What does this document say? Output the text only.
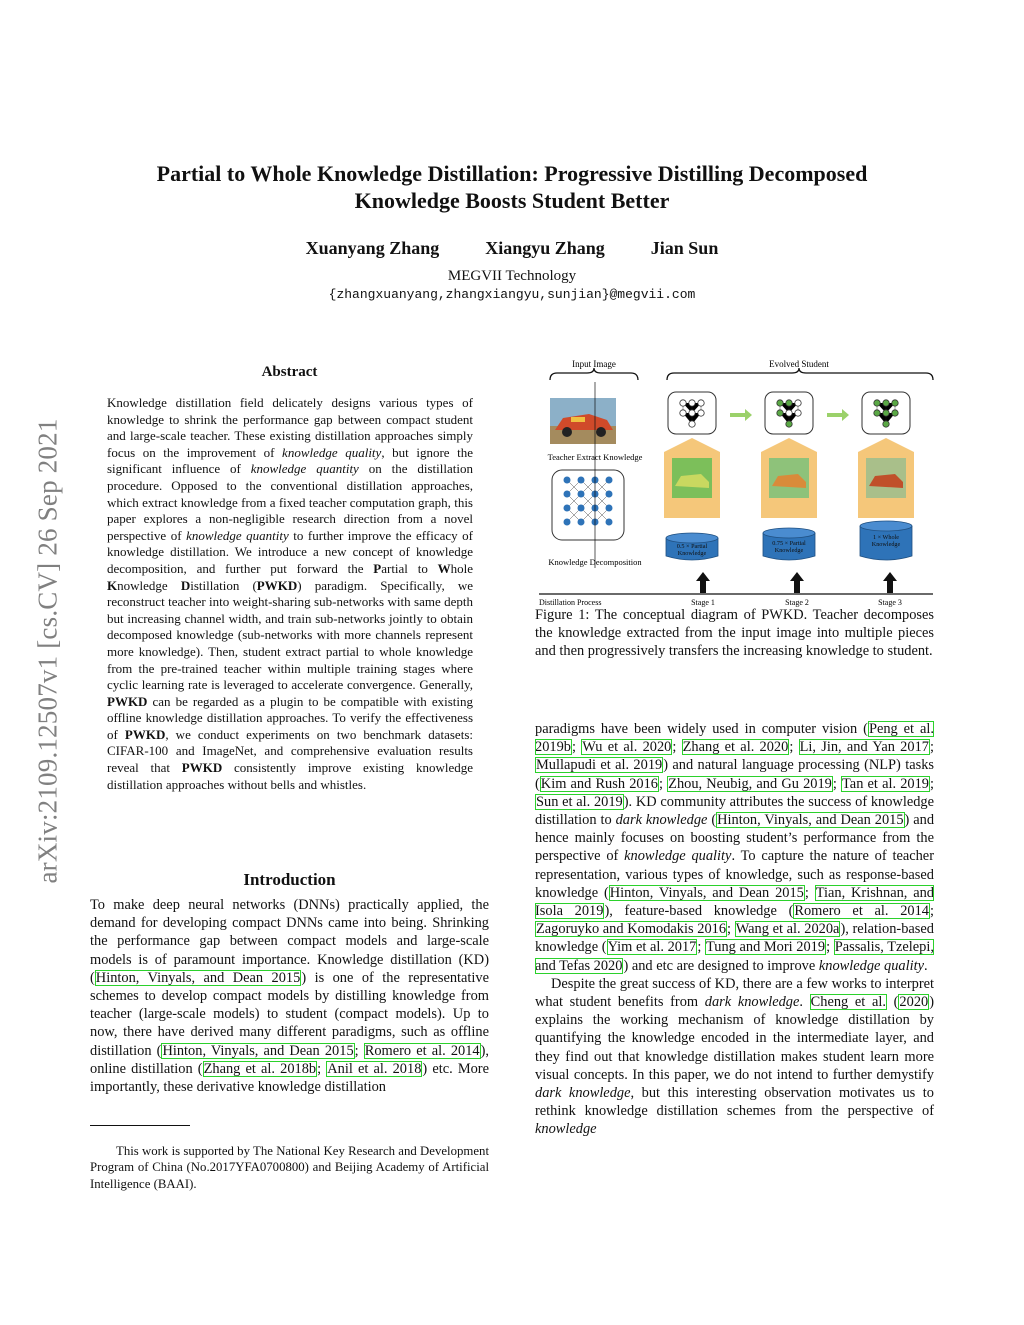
arXiv:2109.12507v1 [cs.CV] 26 Sep 2021
Partial to Whole Knowledge Distillation: Progressive Distilling Decomposed
Knowledge Boosts Student Better
Xuanyang Zhang	Xiangyu Zhang	Jian Sun
MEGVII Technology
{zhangxuanyang,zhangxiangyu,sunjian}@megvii.com
Abstract

Knowledge distillation field delicately designs various types of knowledge to shrink the performance gap between compact student and large-scale teacher. These existing distillation approaches simply focus on the improvement of knowledge quality, but ignore the significant influence of knowledge quantity on the distillation procedure. Opposed to the conventional distillation approaches, which extract knowledge from a fixed teacher computation graph, this paper explores a non-negligible research direction from a novel perspective of knowledge quantity to further improve the efficacy of knowledge distillation. We introduce a new concept of knowledge decomposition, and further put forward the Partial to Whole Knowledge Distillation (PWKD) paradigm. Specifically, we reconstruct teacher into weight-sharing sub-networks with same depth but increasing channel width, and train sub-networks jointly to obtain decomposed knowledge (sub-networks with more channels represent more knowledge). Then, student extract partial to whole knowledge from the pre-trained teacher within multiple training stages where cyclic learning rate is leveraged to accelerate convergence. Generally, PWKD can be regarded as a plugin to be compatible with existing offline knowledge distillation approaches. To verify the effectiveness of PWKD, we conduct experiments on two benchmark datasets: CIFAR-100 and ImageNet, and comprehensive evaluation results reveal that PWKD consistently improve existing knowledge distillation approaches without bells and whistles.

Introduction

To make deep neural networks (DNNs) practically applied, the demand for developing compact DNNs came into being. Shrinking the performance gap between compact models and large-scale models is of paramount importance. Knowledge distillation (KD) (Hinton, Vinyals, and Dean 2015) is one of the representative schemes to develop compact models by distilling knowledge from teacher (large-scale models) to student (compact models). Up to now, there have derived many different paradigms, such as offline distillation (Hinton, Vinyals, and Dean 2015; Romero et al. 2014), online distillation (Zhang et al. 2018b; Anil et al. 2018) etc. More importantly, these derivative knowledge distillation

This work is supported by The National Key Research and Development Program of China (No.2017YFA0700800) and Beijing Academy of Artificial Intelligence (BAAI).

Input Image	Evolved Student
Teacher Extract Knowledge
Knowledge Decomposition
0.5 × Partial
Knowledge
0.75 × Partial
Knowledge
1 × Whole
Knowledge
Distillation Process	Stage 1	Stage 2	Stage 3

Figure 1: The conceptual diagram of PWKD. Teacher decomposes the knowledge extracted from the input image into multiple pieces and then progressively transfers the increasing knowledge to student.

paradigms have been widely used in computer vision (Peng et al. 2019b; Wu et al. 2020; Zhang et al. 2020; Li, Jin, and Yan 2017; Mullapudi et al. 2019) and natural language processing (NLP) tasks (Kim and Rush 2016; Zhou, Neubig, and Gu 2019; Tan et al. 2019; Sun et al. 2019). KD community attributes the success of knowledge distillation to dark knowledge (Hinton, Vinyals, and Dean 2015) and hence mainly focuses on boosting student’s performance from the perspective of knowledge quality. To capture the nature of teacher representation, various types of knowledge, such as response-based knowledge (Hinton, Vinyals, and Dean 2015; Tian, Krishnan, and Isola 2019), feature-based knowledge (Romero et al. 2014; Zagoruyko and Komodakis 2016; Wang et al. 2020a), relation-based knowledge (Yim et al. 2017; Tung and Mori 2019; Passalis, Tzelepi, and Tefas 2020) and etc are designed to improve knowledge quality.

Despite the great success of KD, there are a few works to interpret what student benefits from dark knowledge. Cheng et al. (2020) explains the working mechanism of knowledge distillation by quantifying the knowledge encoded in the intermediate layer, and they find out that knowledge distillation makes student learn more visual concepts. In this paper, we do not intend to further demystify dark knowledge, but this interesting observation motivates us to rethink knowledge distillation schemes from the perspective of knowledge
